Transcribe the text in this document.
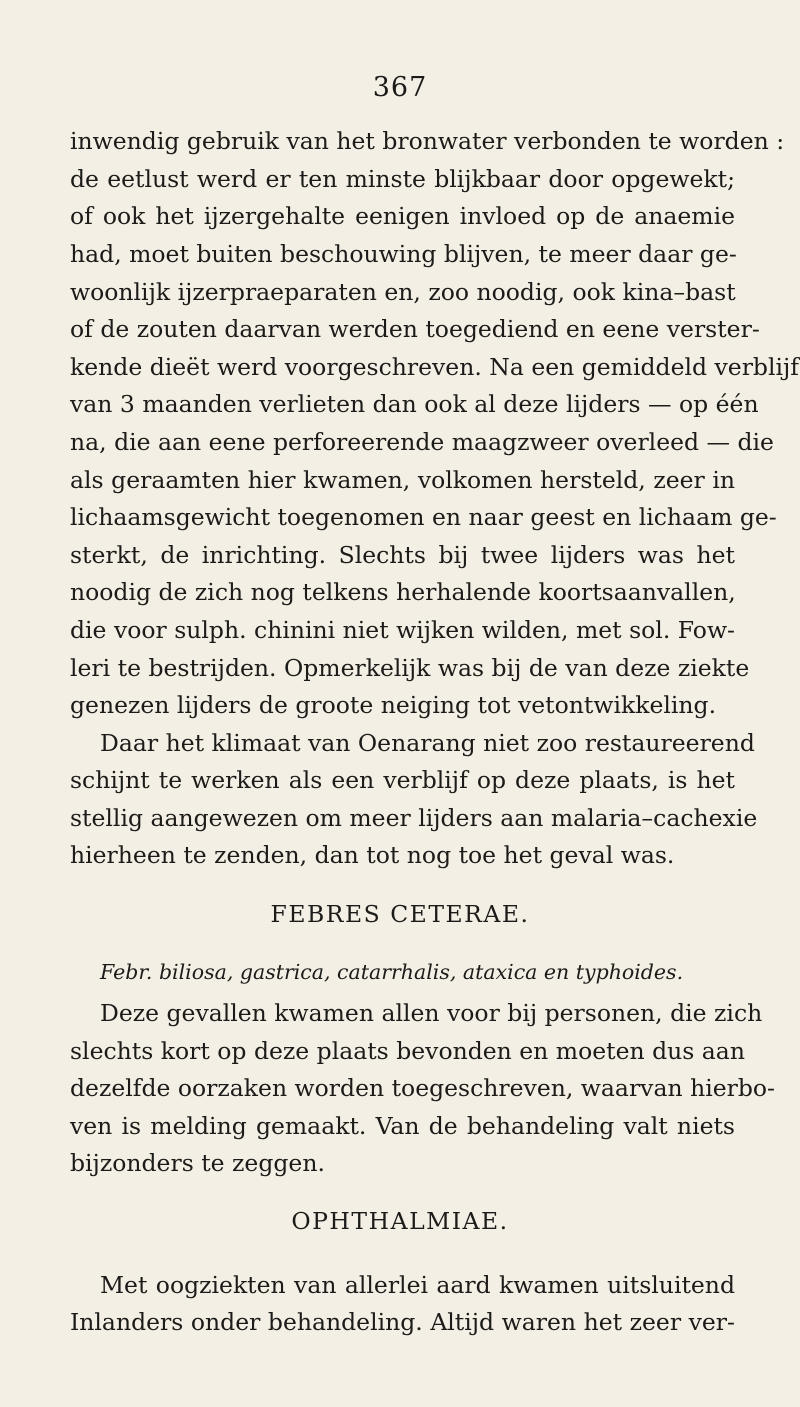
367
inwendig gebruik van het bronwater verbonden te worden :
de eetlust werd er ten minste blijkbaar door opgewekt;
of ook het ijzergehalte eenigen invloed op de anaemie
had, moet buiten beschouwing blijven, te meer daar ge-
woonlijk ijzerpraeparaten en, zoo noodig, ook kina–bast
of de zouten daarvan werden toegediend en eene verster-
kende dieët werd voorgeschreven. Na een gemiddeld verblijf
van 3 maanden verlieten dan ook al deze lijders — op één
na, die aan eene perforeerende maagzweer overleed — die
als geraamten hier kwamen, volkomen hersteld, zeer in
lichaamsgewicht toegenomen en naar geest en lichaam ge-
sterkt, de inrichting. Slechts bij twee lijders was het
noodig de zich nog telkens herhalende koortsaanvallen,
die voor sulph. chinini niet wijken wilden, met sol. Fow-
leri te bestrijden. Opmerkelijk was bij de van deze ziekte
genezen lijders de groote neiging tot vetontwikkeling.
Daar het klimaat van Oenarang niet zoo restaureerend
schijnt te werken als een verblijf op deze plaats, is het
stellig aangewezen om meer lijders aan malaria–cachexie
hierheen te zenden, dan tot nog toe het geval was.
FEBRES CETERAE.
Febr. biliosa, gastrica, catarrhalis, ataxica en typhoides.
Deze gevallen kwamen allen voor bij personen, die zich
slechts kort op deze plaats bevonden en moeten dus aan
dezelfde oorzaken worden toegeschreven, waarvan hierbo-
ven is melding gemaakt. Van de behandeling valt niets
bijzonders te zeggen.
OPHTHALMIAE.
Met oogziekten van allerlei aard kwamen uitsluitend
Inlanders onder behandeling. Altijd waren het zeer ver-
